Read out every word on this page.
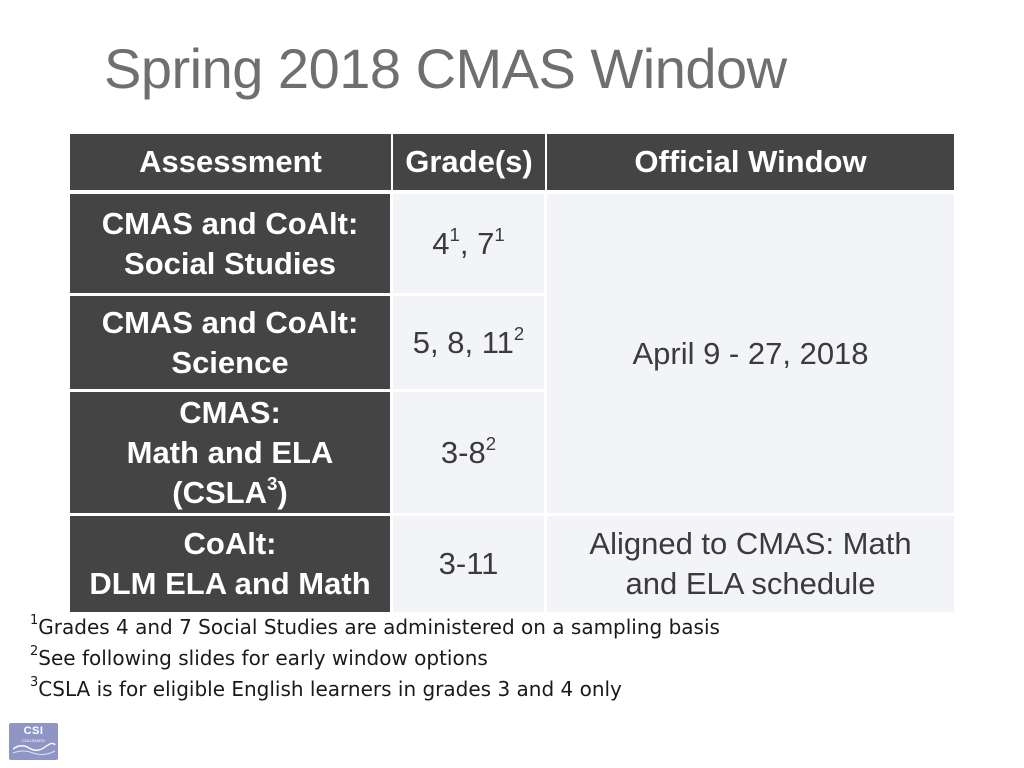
Spring 2018 CMAS Window
Assessment	Grade(s)	Official Window
CMAS and CoAlt:
Social Studies
$4^1$, $7^1$
April 9 - 27, 2018
CMAS and CoAlt:
Science
5, 8, $11^2$
CMAS:
Math and ELA
(CSLA$^3$)
$3-8^2$
CoAlt:
DLM ELA and Math
3-11
Aligned to CMAS: Math
and ELA schedule
$^1$Grades 4 and 7 Social Studies are administered on a sampling basis
$^2$See following slides for early window options
$^3$CSLA is for eligible English learners in grades 3 and 4 only
CSI
COLORADO
